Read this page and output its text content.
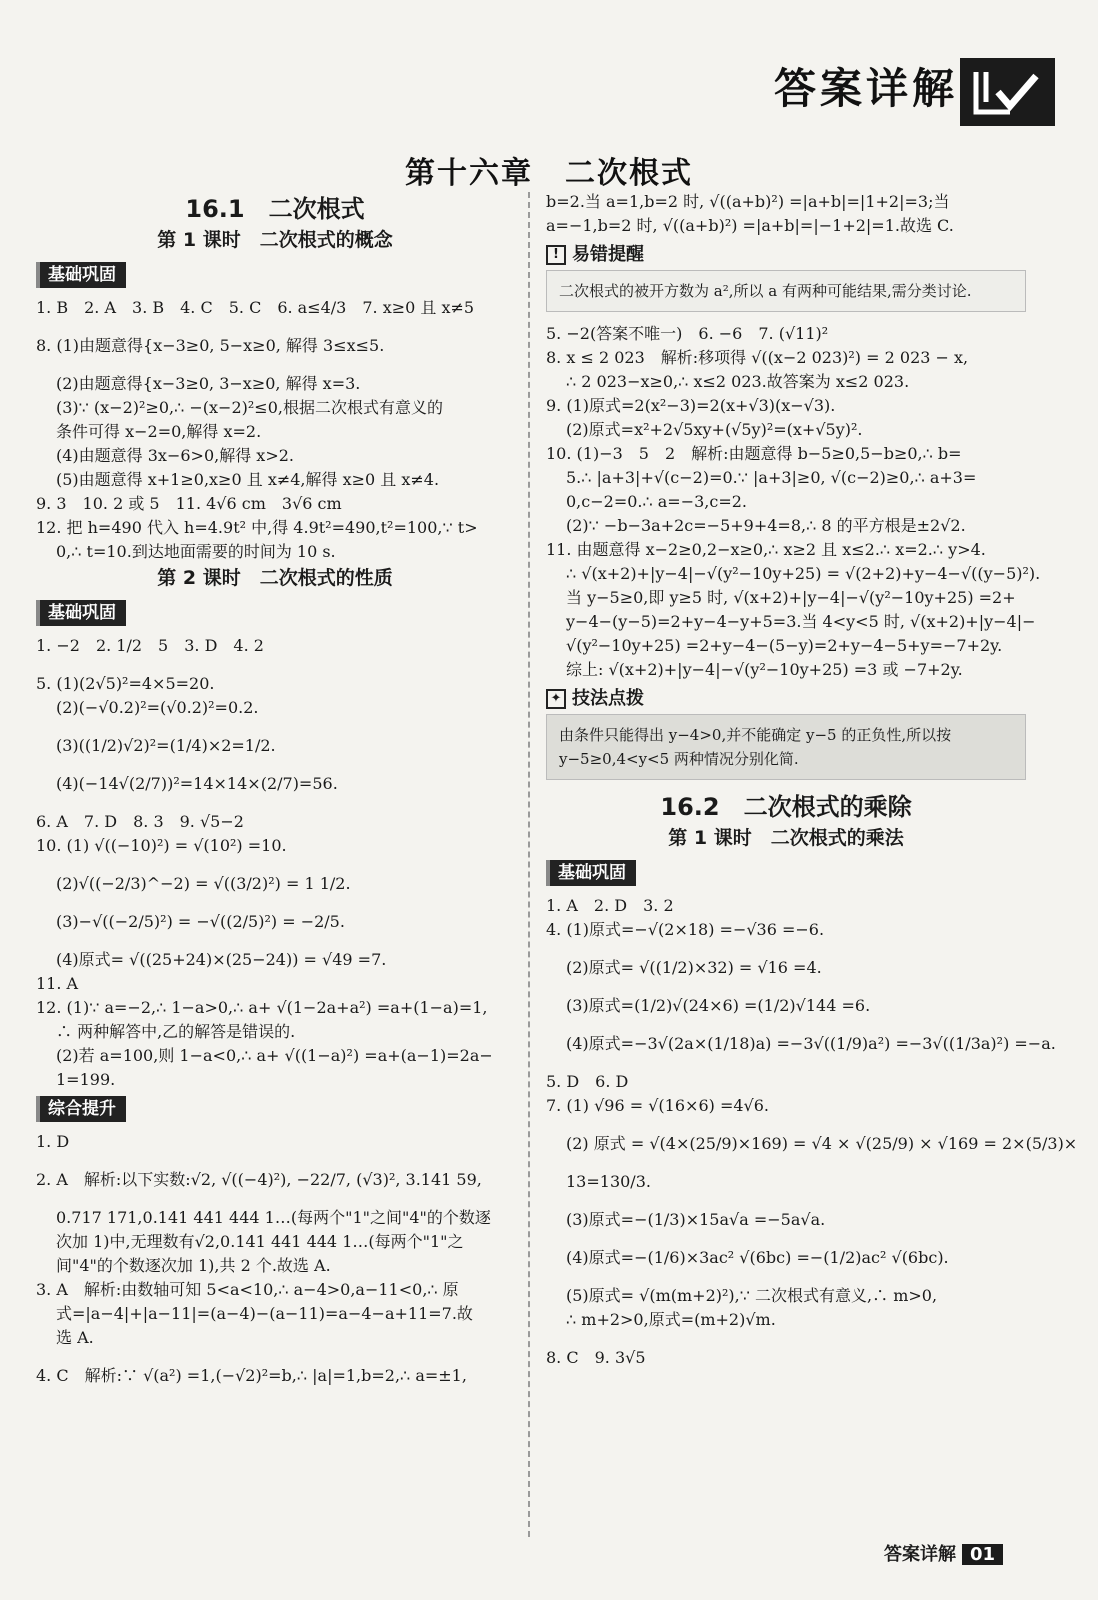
答案详解
第十六章　二次根式
16.1　二次根式
第 1 课时　二次根式的概念
基础巩固

1. B　2. A　3. B　4. C　5. C　6. a≤4/3　7. x≥0 且 x≠5

8. (1)由题意得{x−3≥0, 5−x≥0, 解得 3≤x≤5.

(2)由题意得{x−3≥0, 3−x≥0, 解得 x=3.

(3)∵ (x−2)²≥0,∴ −(x−2)²≤0,根据二次根式有意义的

条件可得 x−2=0,解得 x=2.

(4)由题意得 3x−6>0,解得 x>2.

(5)由题意得 x+1≥0,x≥0 且 x≠4,解得 x≥0 且 x≠4.

9. 3　10. 2 或 5　11. 4√6 cm　3√6 cm

12. 把 h=490 代入 h=4.9t² 中,得 4.9t²=490,t²=100,∵ t>

0,∴ t=10.到达地面需要的时间为 10 s.

第 2 课时　二次根式的性质
基础巩固

1. −2　2. 1/2　5　3. D　4. 2

5. (1)(2√5)²=4×5=20.

(2)(−√0.2)²=(√0.2)²=0.2.

(3)((1/2)√2)²=(1/4)×2=1/2.

(4)(−14√(2/7))²=14×14×(2/7)=56.

6. A　7. D　8. 3　9. √5−2

10. (1) √((−10)²) = √(10²) =10.

(2)√((−2/3)^−2) = √((3/2)²) = 1 1/2.

(3)−√((−2/5)²) = −√((2/5)²) = −2/5.

(4)原式= √((25+24)×(25−24)) = √49 =7.

11. A

12. (1)∵ a=−2,∴ 1−a>0,∴ a+ √(1−2a+a²) =a+(1−a)=1,

∴ 两种解答中,乙的解答是错误的.

(2)若 a=100,则 1−a<0,∴ a+ √((1−a)²) =a+(a−1)=2a−

1=199.

综合提升

1. D

2. A　解析:以下实数:√2, √((−4)²), −22/7, (√3)², 3.141 59,

0.717 171,0.141 441 444 1…(每两个"1"之间"4"的个数逐

次加 1)中,无理数有√2,0.141 441 444 1…(每两个"1"之

间"4"的个数逐次加 1),共 2 个.故选 A.

3. A　解析:由数轴可知 5<a<10,∴ a−4>0,a−11<0,∴ 原

式=|a−4|+|a−11|=(a−4)−(a−11)=a−4−a+11=7.故

选 A.

4. C　解析:∵ √(a²) =1,(−√2)²=b,∴ |a|=1,b=2,∴ a=±1,

b=2.当 a=1,b=2 时, √((a+b)²) =|a+b|=|1+2|=3;当

a=−1,b=2 时, √((a+b)²) =|a+b|=|−1+2|=1.故选 C.

! 易错提醒
二次根式的被开方数为 a²,所以 a 有两种可能结果,需分类讨论.

5. −2(答案不唯一)　6. −6　7. (√11)²

8. x ≤ 2 023　解析:移项得 √((x−2 023)²) = 2 023 − x,

∴ 2 023−x≥0,∴ x≤2 023.故答案为 x≤2 023.

9. (1)原式=2(x²−3)=2(x+√3)(x−√3).

(2)原式=x²+2√5xy+(√5y)²=(x+√5y)².

10. (1)−3　5　2　解析:由题意得 b−5≥0,5−b≥0,∴ b=

5.∴ |a+3|+√(c−2)=0.∵ |a+3|≥0, √(c−2)≥0,∴ a+3=

0,c−2=0.∴ a=−3,c=2.

(2)∵ −b−3a+2c=−5+9+4=8,∴ 8 的平方根是±2√2.

11. 由题意得 x−2≥0,2−x≥0,∴ x≥2 且 x≤2.∴ x=2.∴ y>4.

∴ √(x+2)+|y−4|−√(y²−10y+25) = √(2+2)+y−4−√((y−5)²).

当 y−5≥0,即 y≥5 时, √(x+2)+|y−4|−√(y²−10y+25) =2+

y−4−(y−5)=2+y−4−y+5=3.当 4<y<5 时, √(x+2)+|y−4|−

√(y²−10y+25) =2+y−4−(5−y)=2+y−4−5+y=−7+2y.

综上: √(x+2)+|y−4|−√(y²−10y+25) =3 或 −7+2y.

✦ 技法点拨
由条件只能得出 y−4>0,并不能确定 y−5 的正负性,所以按 y−5≥0,4<y<5 两种情况分别化简.
16.2　二次根式的乘除
第 1 课时　二次根式的乘法
基础巩固

1. A　2. D　3. 2

4. (1)原式=−√(2×18) =−√36 =−6.

(2)原式= √((1/2)×32) = √16 =4.

(3)原式=(1/2)√(24×6) =(1/2)√144 =6.

(4)原式=−3√(2a×(1/18)a) =−3√((1/9)a²) =−3√((1/3a)²) =−a.

5. D　6. D

7. (1) √96 = √(16×6) =4√6.

(2) 原式 = √(4×(25/9)×169) = √4 × √(25/9) × √169 = 2×(5/3)×

13=130/3.

(3)原式=−(1/3)×15a√a =−5a√a.

(4)原式=−(1/6)×3ac² √(6bc) =−(1/2)ac² √(6bc).

(5)原式= √(m(m+2)²),∵ 二次根式有意义,∴ m>0,

∴ m+2>0,原式=(m+2)√m.

8. C　9. 3√5

答案详解 01
